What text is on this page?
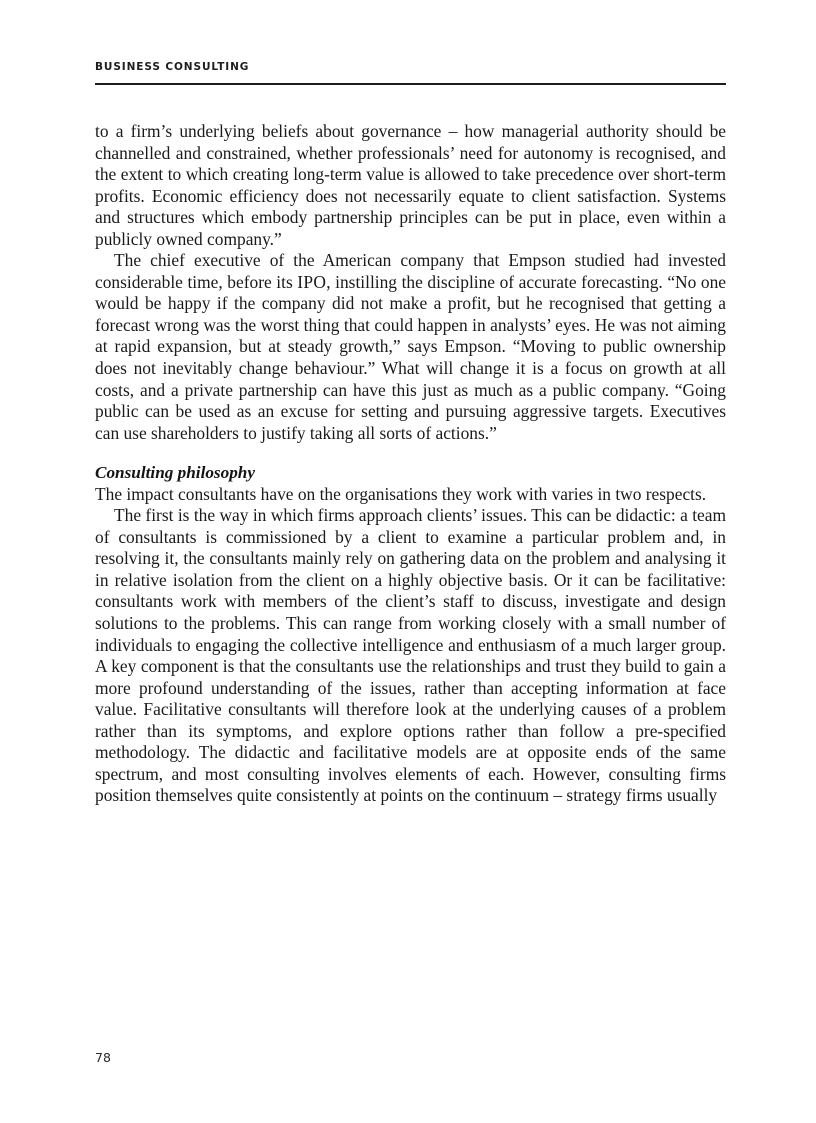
BUSINESS CONSULTING

to a firm’s underlying beliefs about governance – how managerial authority should be channelled and constrained, whether professionals’ need for autonomy is recognised, and the extent to which creating long-term value is allowed to take precedence over short-term profits. Economic efficiency does not necessarily equate to client satisfaction. Systems and structures which embody partnership principles can be put in place, even within a publicly owned company.”

The chief executive of the American company that Empson studied had invested considerable time, before its IPO, instilling the discipline of accurate forecasting. “No one would be happy if the company did not make a profit, but he recognised that getting a forecast wrong was the worst thing that could happen in analysts’ eyes. He was not aiming at rapid expansion, but at steady growth,” says Empson. “Moving to public ownership does not inevitably change behaviour.” What will change it is a focus on growth at all costs, and a private partnership can have this just as much as a public company. “Going public can be used as an excuse for setting and pursuing aggressive targets. Executives can use shareholders to justify taking all sorts of actions.”

Consulting philosophy

The impact consultants have on the organisations they work with varies in two respects.

The first is the way in which firms approach clients’ issues. This can be didactic: a team of consultants is commissioned by a client to examine a particular problem and, in resolving it, the consultants mainly rely on gathering data on the problem and analysing it in relative isolation from the client on a highly objective basis. Or it can be facilitative: consultants work with members of the client’s staff to discuss, investigate and design solutions to the problems. This can range from working closely with a small number of individuals to engaging the collective intelligence and enthusiasm of a much larger group. A key component is that the consultants use the relationships and trust they build to gain a more profound understanding of the issues, rather than accepting information at face value. Facilitative consultants will therefore look at the underlying causes of a problem rather than its symptoms, and explore options rather than follow a pre-specified methodology. The didactic and facilitative models are at opposite ends of the same spectrum, and most consulting involves elements of each. However, consulting firms position themselves quite consistently at points on the continuum – strategy firms usually

78
